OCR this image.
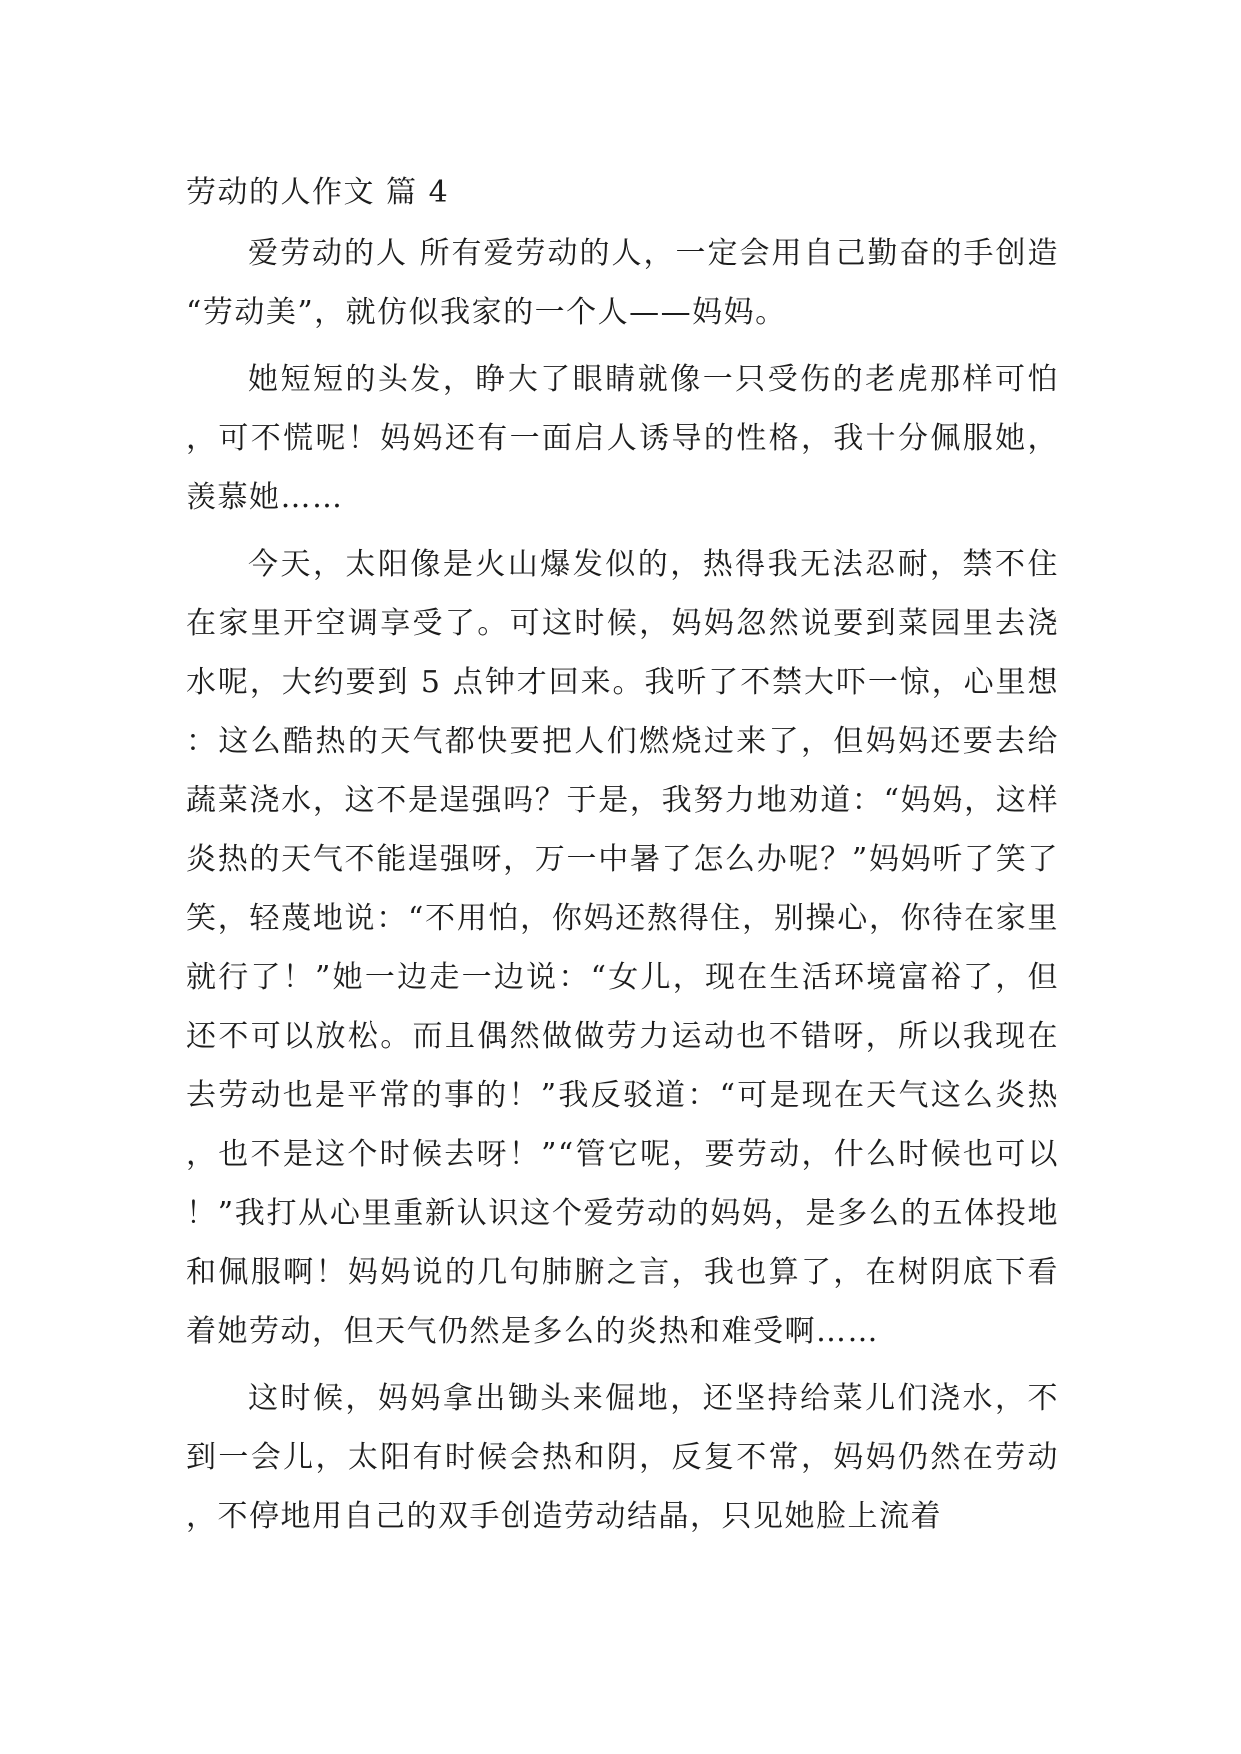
劳动的人作文 篇 4

爱劳动的人 所有爱劳动的人，一定会用自己勤奋的手创造“劳动美”，就仿似我家的一个人——妈妈。

她短短的头发，睁大了眼睛就像一只受伤的老虎那样可怕，可不慌呢！妈妈还有一面启人诱导的性格，我十分佩服她，羡慕她……

今天，太阳像是火山爆发似的，热得我无法忍耐，禁不住在家里开空调享受了。可这时候，妈妈忽然说要到菜园里去浇水呢，大约要到 5 点钟才回来。我听了不禁大吓一惊，心里想：这么酷热的天气都快要把人们燃烧过来了，但妈妈还要去给蔬菜浇水，这不是逞强吗？于是，我努力地劝道：“妈妈，这样炎热的天气不能逞强呀，万一中暑了怎么办呢？”妈妈听了笑了笑，轻蔑地说：“不用怕，你妈还熬得住，别操心，你待在家里就行了！”她一边走一边说：“女儿，现在生活环境富裕了，但还不可以放松。而且偶然做做劳力运动也不错呀，所以我现在去劳动也是平常的事的！”我反驳道：“可是现在天气这么炎热，也不是这个时候去呀！”“管它呢，要劳动，什么时候也可以！”我打从心里重新认识这个爱劳动的妈妈，是多么的五体投地和佩服啊！妈妈说的几句肺腑之言，我也算了，在树阴底下看着她劳动，但天气仍然是多么的炎热和难受啊……

这时候，妈妈拿出锄头来倔地，还坚持给菜儿们浇水，不到一会儿，太阳有时候会热和阴，反复不常，妈妈仍然在劳动，不停地用自己的双手创造劳动结晶，只见她脸上流着
